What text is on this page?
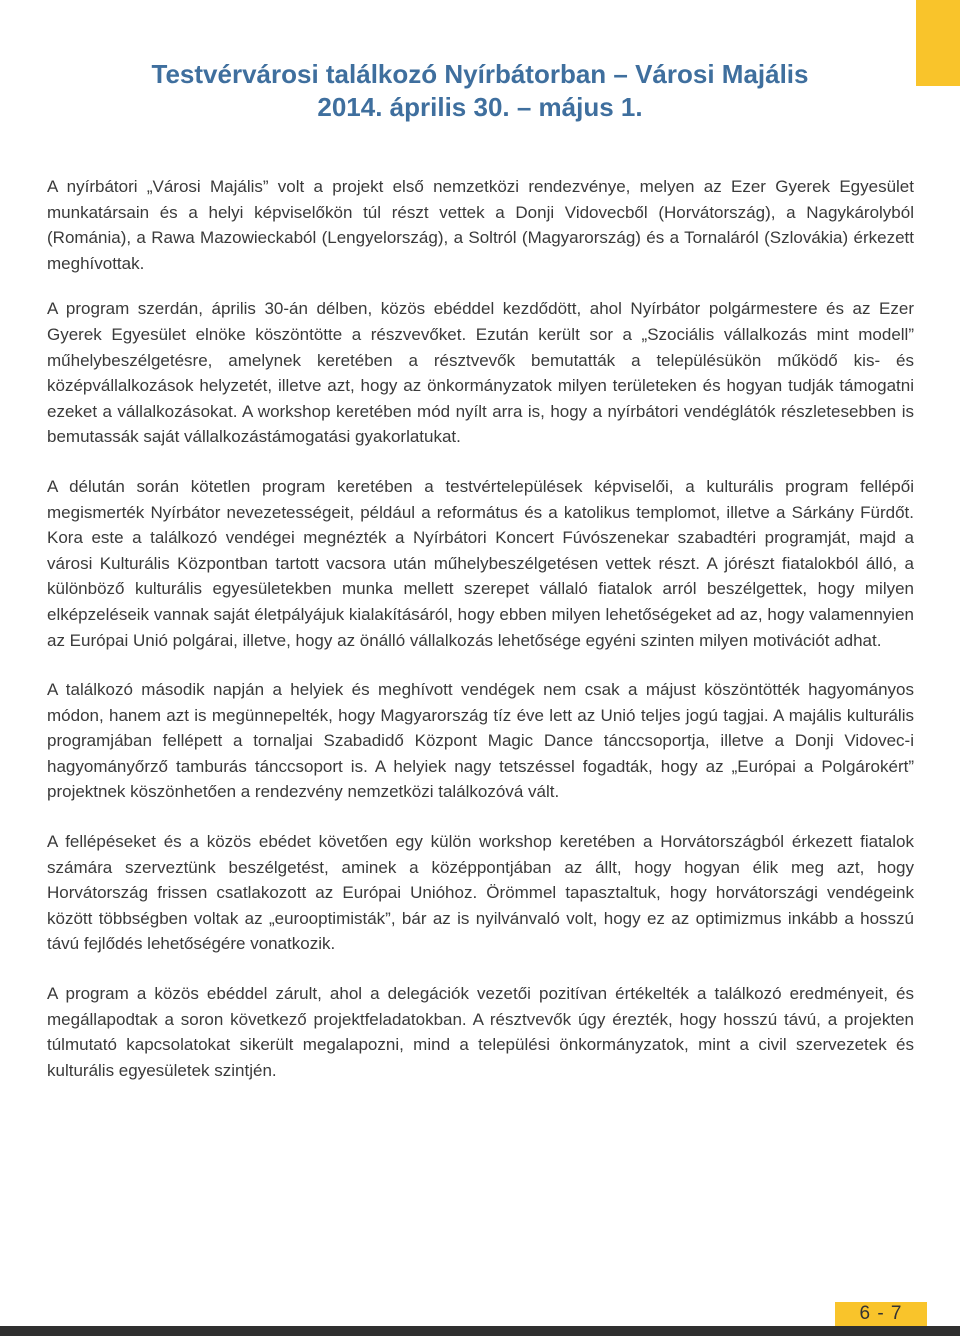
Testvérvárosi találkozó Nyírbátorban – Városi Majális
2014. április 30. – május 1.

A nyírbátori „Városi Majális” volt a projekt első nemzetközi rendezvénye, melyen az Ezer Gyerek Egyesület munkatársain és a helyi képviselőkön túl részt vettek a Donji Vidovecből (Horvátország), a Nagykárolyból (Románia), a Rawa Mazowieckaból (Lengyelország), a Soltról (Magyarország) és a Tornaláról (Szlovákia) érkezett meghívottak.

A program szerdán, április 30-án délben, közös ebéddel kezdődött, ahol Nyírbátor polgármestere és az Ezer Gyerek Egyesület elnöke köszöntötte a részvevőket. Ezután került sor a „Szociális vállalkozás mint modell” műhelybeszélgetésre, amelynek keretében a résztvevők bemutatták a településükön működő kis- és középvállalkozások helyzetét, illetve azt, hogy az önkormányzatok milyen területeken és hogyan tudják támogatni ezeket a vállalkozásokat. A workshop keretében mód nyílt arra is, hogy a nyírbátori vendéglátók részletesebben is bemutassák saját vállalkozástámogatási gyakorlatukat.

A délután során kötetlen program keretében a testvértelepülések képviselői, a kulturális program fellépői megismerték Nyírbátor nevezetességeit, például a református és a katolikus templomot, illetve a Sárkány Fürdőt. Kora este a találkozó vendégei megnézték a Nyírbátori Koncert Fúvószenekar szabadtéri programját, majd a városi Kulturális Központban tartott vacsora után műhelybeszélgetésen vettek részt. A jórészt fiatalokból álló, a különböző kulturális egyesületekben munka mellett szerepet vállaló fiatalok arról beszélgettek, hogy milyen elképzeléseik vannak saját életpályájuk kialakításáról, hogy ebben milyen lehetőségeket ad az, hogy valamennyien az Európai Unió polgárai, illetve, hogy az önálló vállalkozás lehetősége egyéni szinten milyen motivációt adhat.

A találkozó második napján a helyiek és meghívott vendégek nem csak a májust köszöntötték hagyományos módon, hanem azt is megünnepelték, hogy Magyarország tíz éve lett az Unió teljes jogú tagjai. A majális kulturális programjában fellépett a tornaljai Szabadidő Központ Magic Dance tánccsoportja, illetve a Donji Vidovec-i hagyományőrző tamburás tánccsoport is. A helyiek nagy tetszéssel fogadták, hogy az „Európai a Polgárokért” projektnek köszönhetően a rendezvény nemzetközi találkozóvá vált.

A fellépéseket és a közös ebédet követően egy külön workshop keretében a Horvátországból érkezett fiatalok számára szerveztünk beszélgetést, aminek a középpontjában az állt, hogy hogyan élik meg azt, hogy Horvátország frissen csatlakozott az Európai Unióhoz. Örömmel tapasztaltuk, hogy horvátországi vendégeink között többségben voltak az „eurooptimisták”, bár az is nyilvánvaló volt, hogy ez az optimizmus inkább a hosszú távú fejlődés lehetőségére vonatkozik.

A program a közös ebéddel zárult, ahol a delegációk vezetői pozitívan értékelték a találkozó eredményeit, és megállapodtak a soron következő projektfeladatokban. A résztvevők úgy érezték, hogy hosszú távú, a projekten túlmutató kapcsolatokat sikerült megalapozni, mind a települési önkormányzatok, mint a civil szervezetek és kulturális egyesületek szintjén.

6 - 7
